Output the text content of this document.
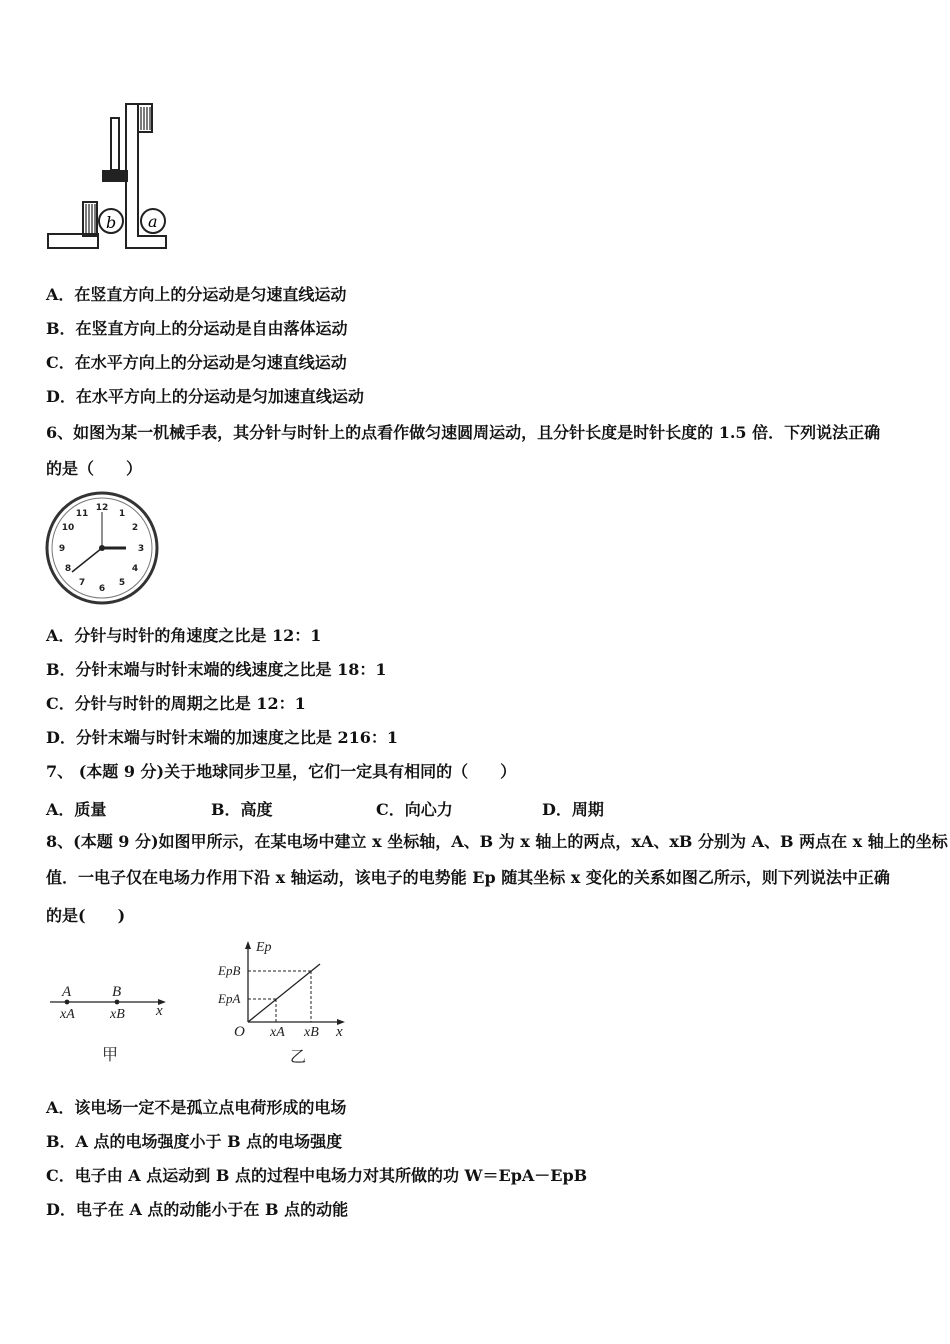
b a
A．在竖直方向上的分运动是匀速直线运动
B．在竖直方向上的分运动是自由落体运动
C．在水平方向上的分运动是匀速直线运动
D．在水平方向上的分运动是匀加速直线运动
6、如图为某一机械手表，其分针与时针上的点看作做匀速圆周运动，且分针长度是时针长度的 1.5 倍．下列说法正确
的是（　　）
12
1
2
3
4
5
6
7
8
9
10
11
A．分针与时针的角速度之比是 12：1
B．分针末端与时针末端的线速度之比是 18：1
C．分针与时针的周期之比是 12：1
D．分针末端与时针末端的加速度之比是 216：1
7、 (本题 9 分)关于地球同步卫星，它们一定具有相同的（　　）
A．质量	B．高度	C．向心力	D．周期
8、(本题 9 分)如图甲所示，在某电场中建立 x 坐标轴，A、B 为 x 轴上的两点，xA、xB 分别为 A、B 两点在 x 轴上的坐标
值．一电子仅在电场力作用下沿 x 轴运动，该电子的电势能 Ep 随其坐标 x 变化的关系如图乙所示，则下列说法中正确
的是(　　)
A	B
xA	xB x
甲
Ep
EpB
EpA
O xA xB x
乙
A．该电场一定不是孤立点电荷形成的电场
B．A 点的电场强度小于 B 点的电场强度
C．电子由 A 点运动到 B 点的过程中电场力对其所做的功 W＝EpA－EpB
D．电子在 A 点的动能小于在 B 点的动能
